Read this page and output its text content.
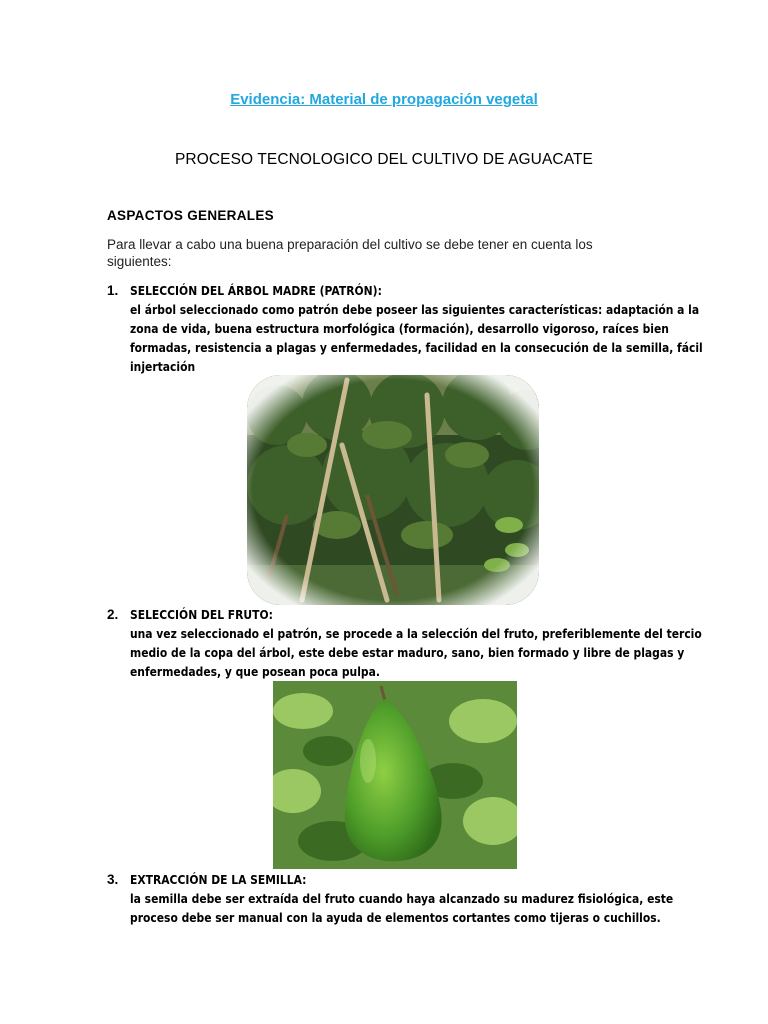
Evidencia: Material de propagación vegetal
PROCESO TECNOLOGICO DEL CULTIVO DE AGUACATE
ASPACTOS GENERALES
Para llevar a cabo una buena preparación del cultivo se debe tener en cuenta los siguientes:
1. SELECCIÓN DEL ÁRBOL MADRE (PATRÓN):
el árbol seleccionado como patrón debe poseer las siguientes características: adaptación a la zona de vida, buena estructura morfológica (formación), desarrollo vigoroso, raíces bien formadas, resistencia a plagas y enfermedades, facilidad en la consecución de la semilla, fácil injertación
2. SELECCIÓN DEL FRUTO:
una vez seleccionado el patrón, se procede a la selección del fruto, preferiblemente del tercio medio de la copa del árbol, este debe estar maduro, sano, bien formado y libre de plagas y enfermedades, y que posean poca pulpa.
3. EXTRACCIÓN DE LA SEMILLA:
la semilla debe ser extraída del fruto cuando haya alcanzado su madurez fisiológica, este proceso debe ser manual con la ayuda de elementos cortantes como tijeras o cuchillos.
